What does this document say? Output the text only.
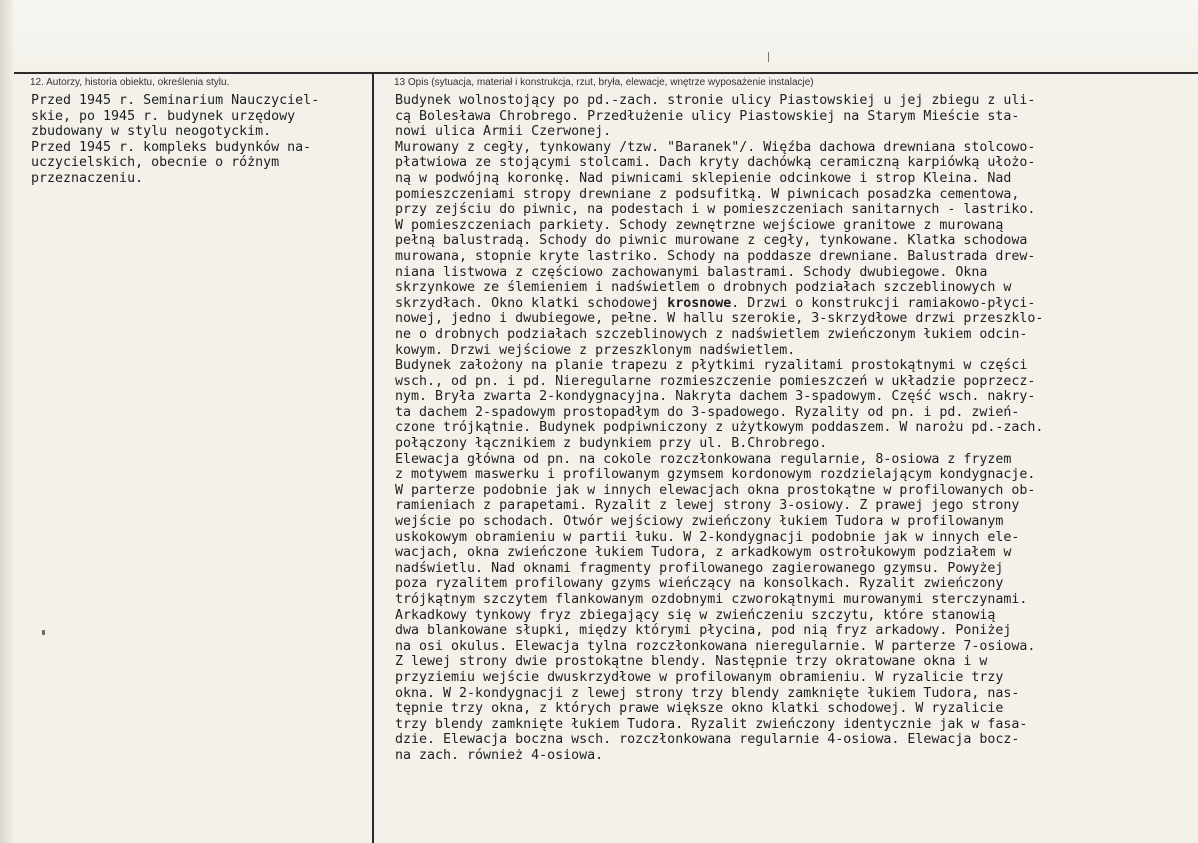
12. Autorzy, historia obiektu, określenia stylu.	13 Opis (sytuacja, materiał i konstrukcja, rzut, bryła, elewacje, wnętrze wyposażenie instalacje)
Przed 1945 r. Seminarium Nauczyciel-
skie, po 1945 r. budynek urzędowy
zbudowany w stylu neogotyckim.
Przed 1945 r. kompleks budynków na-
uczycielskich, obecnie o różnym
przeznaczeniu.
Budynek wolnostojący po pd.-zach. stronie ulicy Piastowskiej u jej zbiegu z uli-
cą Bolesława Chrobrego. Przedłużenie ulicy Piastowskiej na Starym Mieście sta-
nowi ulica Armii Czerwonej.
Murowany z cegły, tynkowany /tzw. "Baranek"/. Więźba dachowa drewniana stolcowo-
płatwiowa ze stojącymi stolcami. Dach kryty dachówką ceramiczną karpiówką ułożo-
ną w podwójną koronkę. Nad piwnicami sklepienie odcinkowe i strop Kleina. Nad
pomieszczeniami stropy drewniane z podsufitką. W piwnicach posadzka cementowa,
przy zejściu do piwnic, na podestach i w pomieszczeniach sanitarnych - lastriko.
W pomieszczeniach parkiety. Schody zewnętrzne wejściowe granitowe z murowaną
pełną balustradą. Schody do piwnic murowane z cegły, tynkowane. Klatka schodowa
murowana, stopnie kryte lastriko. Schody na poddasze drewniane. Balustrada drew-
niana listwowa z częściowo zachowanymi balastrami. Schody dwubiegowe. Okna
skrzynkowe ze ślemieniem i nadświetlem o drobnych podziałach szczeblinowych w
skrzydłach. Okno klatki schodowej krosnowe. Drzwi o konstrukcji ramiakowo-płyci-
nowej, jedno i dwubiegowe, pełne. W hallu szerokie, 3-skrzydłowe drzwi przeszklo-
ne o drobnych podziałach szczeblinowych z nadświetlem zwieńczonym łukiem odcin-
kowym. Drzwi wejściowe z przeszklonym nadświetlem.
Budynek założony na planie trapezu z płytkimi ryzalitami prostokątnymi w części
wsch., od pn. i pd. Nieregularne rozmieszczenie pomieszczeń w układzie poprzecz-
nym. Bryła zwarta 2-kondygnacyjna. Nakryta dachem 3-spadowym. Część wsch. nakry-
ta dachem 2-spadowym prostopadłym do 3-spadowego. Ryzality od pn. i pd. zwień-
czone trójkątnie. Budynek podpiwniczony z użytkowym poddaszem. W narożu pd.-zach.
połączony łącznikiem z budynkiem przy ul. B.Chrobrego.
Elewacja główna od pn. na cokole rozczłonkowana regularnie, 8-osiowa z fryzem
z motywem maswerku i profilowanym gzymsem kordonowym rozdzielającym kondygnacje.
W parterze podobnie jak w innych elewacjach okna prostokątne w profilowanych ob-
ramieniach z parapetami. Ryzalit z lewej strony 3-osiowy. Z prawej jego strony
wejście po schodach. Otwór wejściowy zwieńczony łukiem Tudora w profilowanym
uskokowym obramieniu w partii łuku. W 2-kondygnacji podobnie jak w innych ele-
wacjach, okna zwieńczone łukiem Tudora, z arkadkowym ostrołukowym podziałem w
nadświetlu. Nad oknami fragmenty profilowanego zagierowanego gzymsu. Powyżej
poza ryzalitem profilowany gzyms wieńczący na konsolkach. Ryzalit zwieńczony
trójkątnym szczytem flankowanym ozdobnymi czworokątnymi murowanymi sterczynami.
Arkadkowy tynkowy fryz zbiegający się w zwieńczeniu szczytu, które stanowią
dwa blankowane słupki, między którymi płycina, pod nią fryz arkadowy. Poniżej
na osi okulus. Elewacja tylna rozczłonkowana nieregularnie. W parterze 7-osiowa.
Z lewej strony dwie prostokątne blendy. Następnie trzy okratowane okna i w
przyziemiu wejście dwuskrzydłowe w profilowanym obramieniu. W ryzalicie trzy
okna. W 2-kondygnacji z lewej strony trzy blendy zamknięte łukiem Tudora, nas-
tępnie trzy okna, z których prawe większe okno klatki schodowej. W ryzalicie
trzy blendy zamknięte łukiem Tudora. Ryzalit zwieńczony identycznie jak w fasa-
dzie. Elewacja boczna wsch. rozczłonkowana regularnie 4-osiowa. Elewacja bocz-
na zach. również 4-osiowa.
